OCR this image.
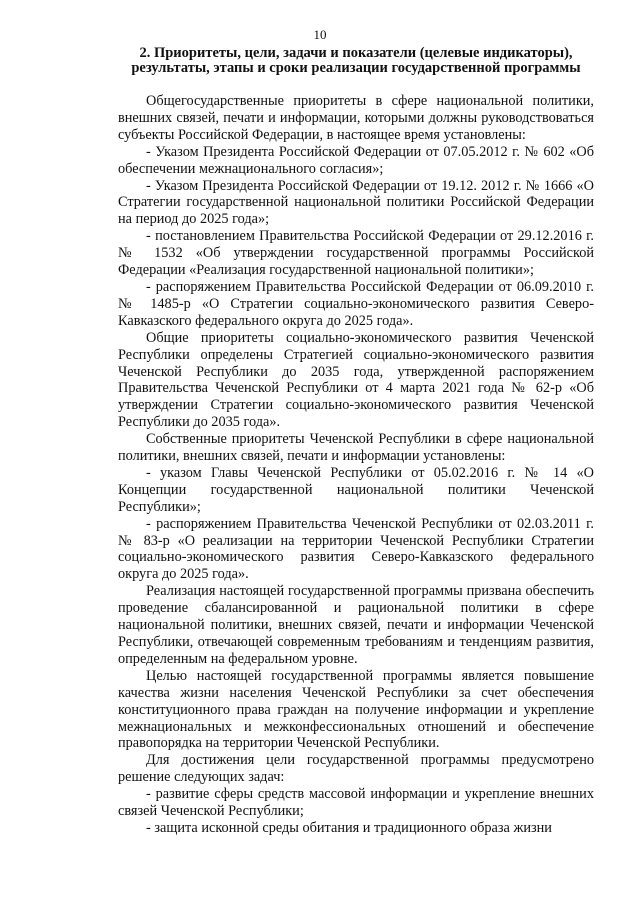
10
2. Приоритеты, цели, задачи и показатели (целевые индикаторы), результаты, этапы и сроки реализации государственной программы

Общегосударственные приоритеты в сфере национальной политики, внешних связей, печати и информации, которыми должны руководствоваться субъекты Российской Федерации, в настоящее время установлены:

- Указом Президента Российской Федерации от 07.05.2012 г. № 602 «Об обеспечении межнационального согласия»;

- Указом Президента Российской Федерации от 19.12. 2012 г. № 1666 «О Стратегии государственной национальной политики Российской Федерации на период до 2025 года»;

- постановлением Правительства Российской Федерации от 29.12.2016 г. № 1532 «Об утверждении государственной программы Российской Федерации «Реализация государственной национальной политики»;

- распоряжением Правительства Российской Федерации от 06.09.2010 г. № 1485-р «О Стратегии социально-экономического развития Северо-Кавказского федерального округа до 2025 года».

Общие приоритеты социально-экономического развития Чеченской Республики определены Стратегией социально-экономического развития Чеченской Республики до 2035 года, утвержденной распоряжением Правительства Чеченской Республики от 4 марта 2021 года № 62-р «Об утверждении Стратегии социально-экономического развития Чеченской Республики до 2035 года».

Собственные приоритеты Чеченской Республики в сфере национальной политики, внешних связей, печати и информации установлены:

- указом Главы Чеченской Республики от 05.02.2016 г. № 14 «О Концепции государственной национальной политики Чеченской Республики»;

- распоряжением Правительства Чеченской Республики от 02.03.2011 г. № 83-р «О реализации на территории Чеченской Республики Стратегии социально-экономического развития Северо-Кавказского федерального округа до 2025 года».

Реализация настоящей государственной программы призвана обеспечить проведение сбалансированной и рациональной политики в сфере национальной политики, внешних связей, печати и информации Чеченской Республики, отвечающей современным требованиям и тенденциям развития, определенным на федеральном уровне.

Целью настоящей государственной программы является повышение качества жизни населения Чеченской Республики за счет обеспечения конституционного права граждан на получение информации и укрепление межнациональных и межконфессиональных отношений и обеспечение правопорядка на территории Чеченской Республики.

Для достижения цели государственной программы предусмотрено решение следующих задач:

- развитие сферы средств массовой информации и укрепление внешних связей Чеченской Республики;

- защита исконной среды обитания и традиционного образа жизни
